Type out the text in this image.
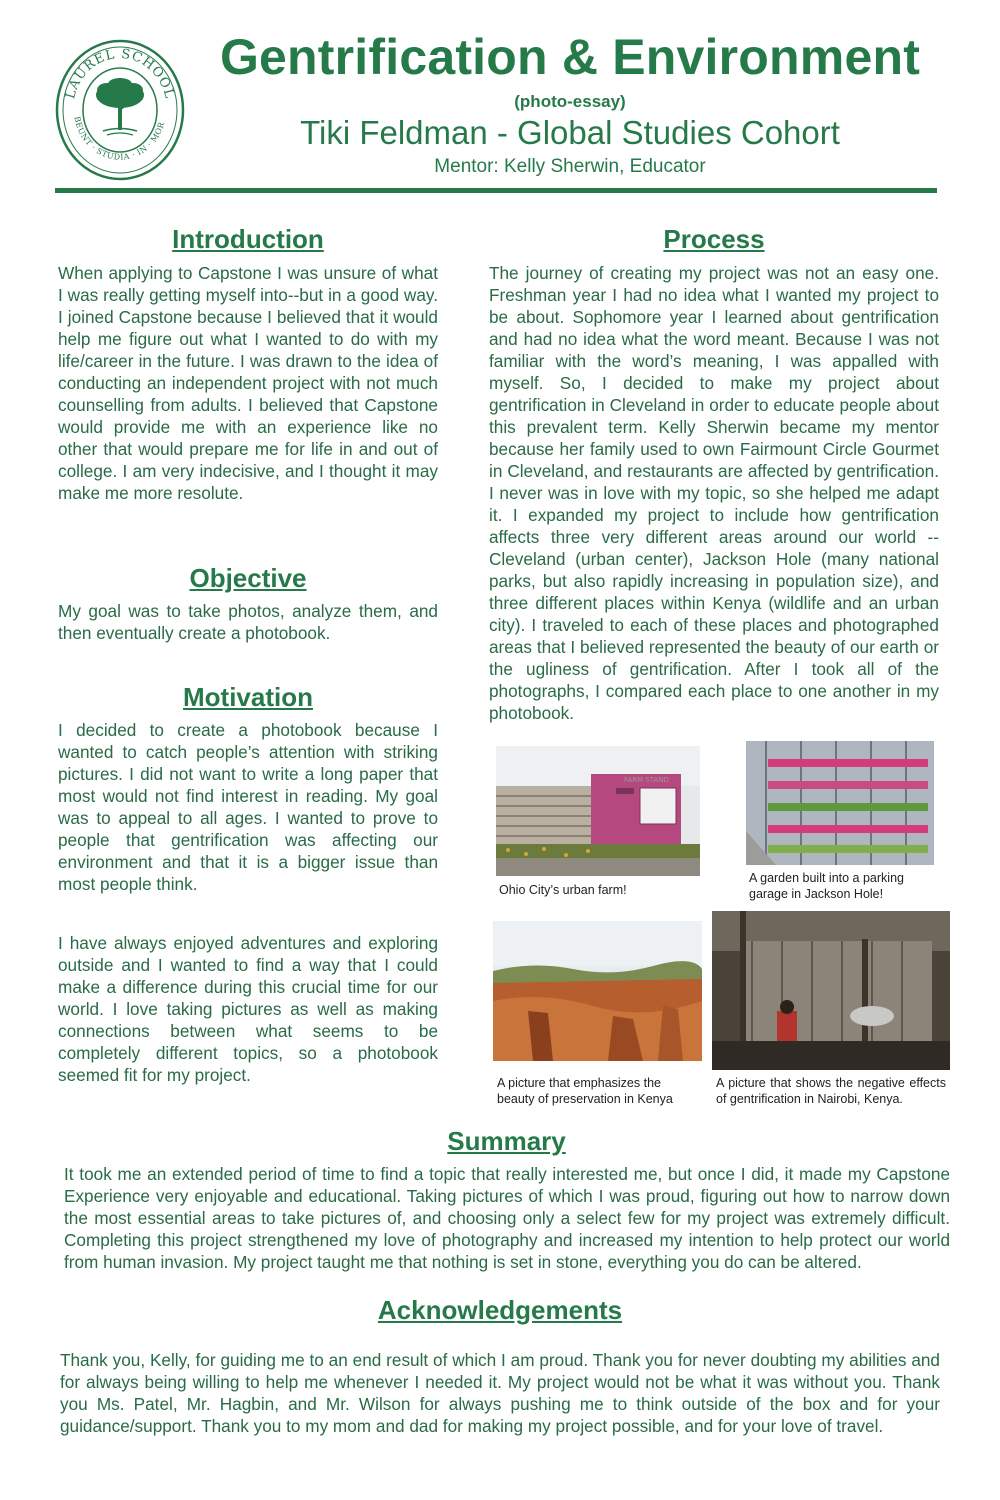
LAUREL SCHOOL
BEUNT · STUDIA · IN · MOR
Gentrification & Environment
(photo-essay)
Tiki Feldman - Global Studies Cohort
Mentor: Kelly Sherwin, Educator
Introduction
When applying to Capstone I was unsure of what I was really getting myself into--but in a good way. I joined Capstone because I believed that it would help me figure out what I wanted to do with my life/career in the future. I was drawn to the idea of conducting an independent project with not much counselling from adults. I believed that Capstone would provide me with an experience like no other that would prepare me for life in and out of college. I am very indecisive, and I thought it may make me more resolute.
Objective
My goal was to take photos, analyze them, and then eventually create a photobook.
Motivation
I decided to create a photobook because I wanted to catch people’s attention with striking pictures. I did not want to write a long paper that most would not find interest in reading. My goal was to appeal to all ages. I wanted to prove to people that gentrification was affecting our environment and that it is a bigger issue than most people think.
I have always enjoyed adventures and exploring outside and I wanted to find a way that I could make a difference during this crucial time for our world. I love taking pictures as well as making connections between what seems to be completely different topics, so a photobook seemed fit for my project.
Process
The journey of creating my project was not an easy one. Freshman year I had no idea what I wanted my project to be about. Sophomore year I learned about gentrification and had no idea what the word meant. Because I was not familiar with the word’s meaning, I was appalled with myself. So, I decided to make my project about gentrification in Cleveland in order to educate people about this prevalent term. Kelly Sherwin became my mentor because her family used to own Fairmount Circle Gourmet in Cleveland, and restaurants are affected by gentrification. I never was in love with my topic, so she helped me adapt it. I expanded my project to include how gentrification affects three very different areas around our world -- Cleveland (urban center), Jackson Hole (many national parks, but also rapidly increasing in population size), and three different places within Kenya (wildlife and an urban city). I traveled to each of these places and photographed areas that I believed represented the beauty of our earth or the ugliness of gentrification. After I took all of the photographs, I compared each place to one another in my photobook.
FARM STAND
Ohio City’s urban farm!
A garden built into a parking garage in Jackson Hole!
A picture that emphasizes the beauty of preservation in Kenya
A picture that shows the negative effects of gentrification in Nairobi, Kenya.
Summary
It took me an extended period of time to find a topic that really interested me, but once I did, it made my Capstone Experience very enjoyable and educational. Taking pictures of which I was proud, figuring out how to narrow down the most essential areas to take pictures of, and choosing only a select few for my project was extremely difficult. Completing this project strengthened my love of photography and increased my intention to help protect our world from human invasion. My project taught me that nothing is set in stone, everything you do can be altered.
Acknowledgements
Thank you, Kelly, for guiding me to an end result of which I am proud. Thank you for never doubting my abilities and for always being willing to help me whenever I needed it. My project would not be what it was without you. Thank you Ms. Patel, Mr. Hagbin, and Mr. Wilson for always pushing me to think outside of the box and for your guidance/support. Thank you to my mom and dad for making my project possible, and for your love of travel.
